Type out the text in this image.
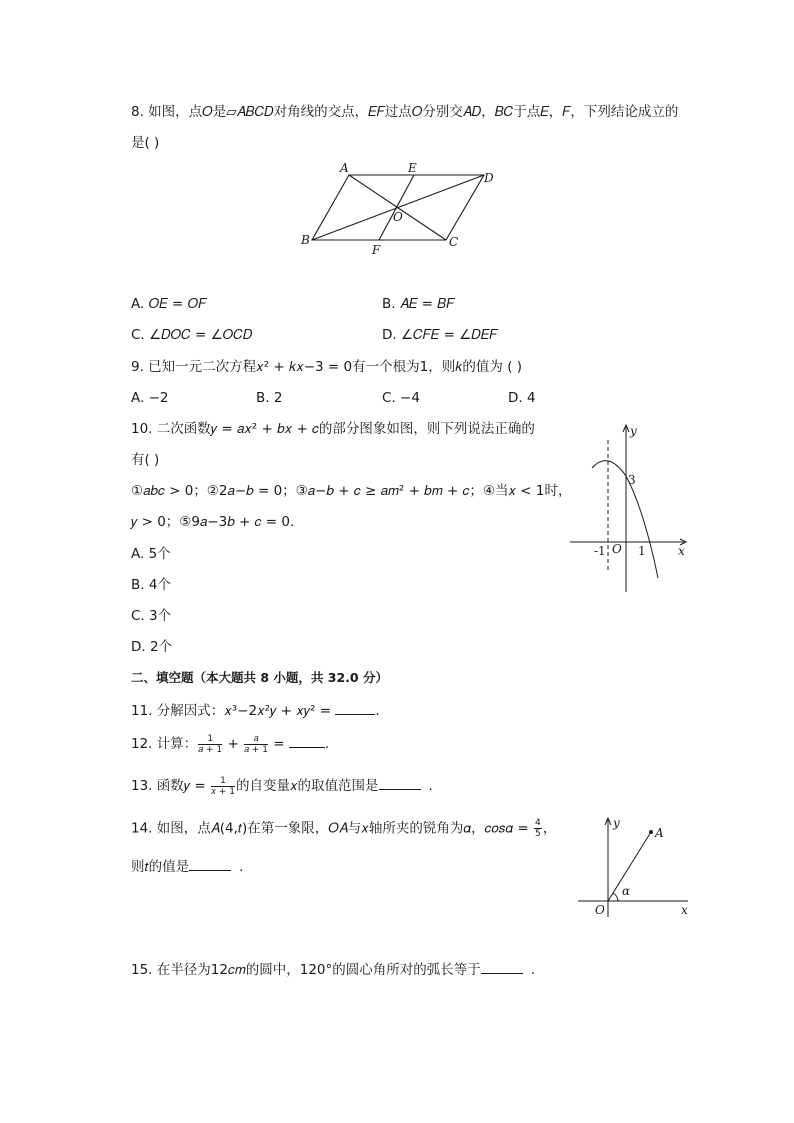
8. 如图，点𝑂是▱𝐴𝐵𝐶𝐷对角线的交点，𝐸𝐹过点𝑂分别交𝐴𝐷，𝐵𝐶于点𝐸，𝐹，下列结论成立的
是( )
A	E
D
O
B
F
C
A. 𝑂𝐸 = 𝑂𝐹	B. 𝐴𝐸 = 𝐵𝐹
C. ∠𝐷𝑂𝐶 = ∠𝑂𝐶𝐷	D. ∠𝐶𝐹𝐸 = ∠𝐷𝐸𝐹
9. 已知一元二次方程𝑥² + 𝑘𝑥−3 = 0有一个根为1，则𝑘的值为 ( )
A. −2	B. 2	C. −4	D. 4
10. 二次函数𝑦 = 𝑎𝑥² + 𝑏𝑥 + 𝑐的部分图象如图，则下列说法正确的
有( )
①𝑎𝑏𝑐 > 0；②2𝑎−𝑏 = 0；③𝑎−𝑏 + 𝑐 ≥ 𝑎𝑚² + 𝑏𝑚 + 𝑐；④当𝑥 < 1时，
𝑦 > 0；⑤9𝑎−3𝑏 + 𝑐 = 0.
A. 5个
B. 4个
C. 3个
D. 2个
y
3
-1 O 1	x
二、填空题（本大题共 8 小题，共 32.0 分）
11. 分解因式：𝑥³−2𝑥²𝑦 + 𝑥𝑦² =	.
12. 计算： $\frac{1}{\text{𝑎 + 1}} + \frac{\text{𝑎}}{\text{𝑎 + 1}}$ =	.
13. 函数𝑦 = $\frac{1}{\text{𝑥 + 1}}$ 的自变量𝑥的取值范围是	.
14. 如图，点𝐴(4,𝑡)在第一象限，𝑂𝐴与𝑥轴所夹的锐角为𝛼，𝑐𝑜𝑠𝛼 = $\frac{4}{5}$ ，
则𝑡的值是	.
y
A
α
O	x
15. 在半径为12𝑐𝑚的圆中，120°的圆心角所对的弧长等于	.
